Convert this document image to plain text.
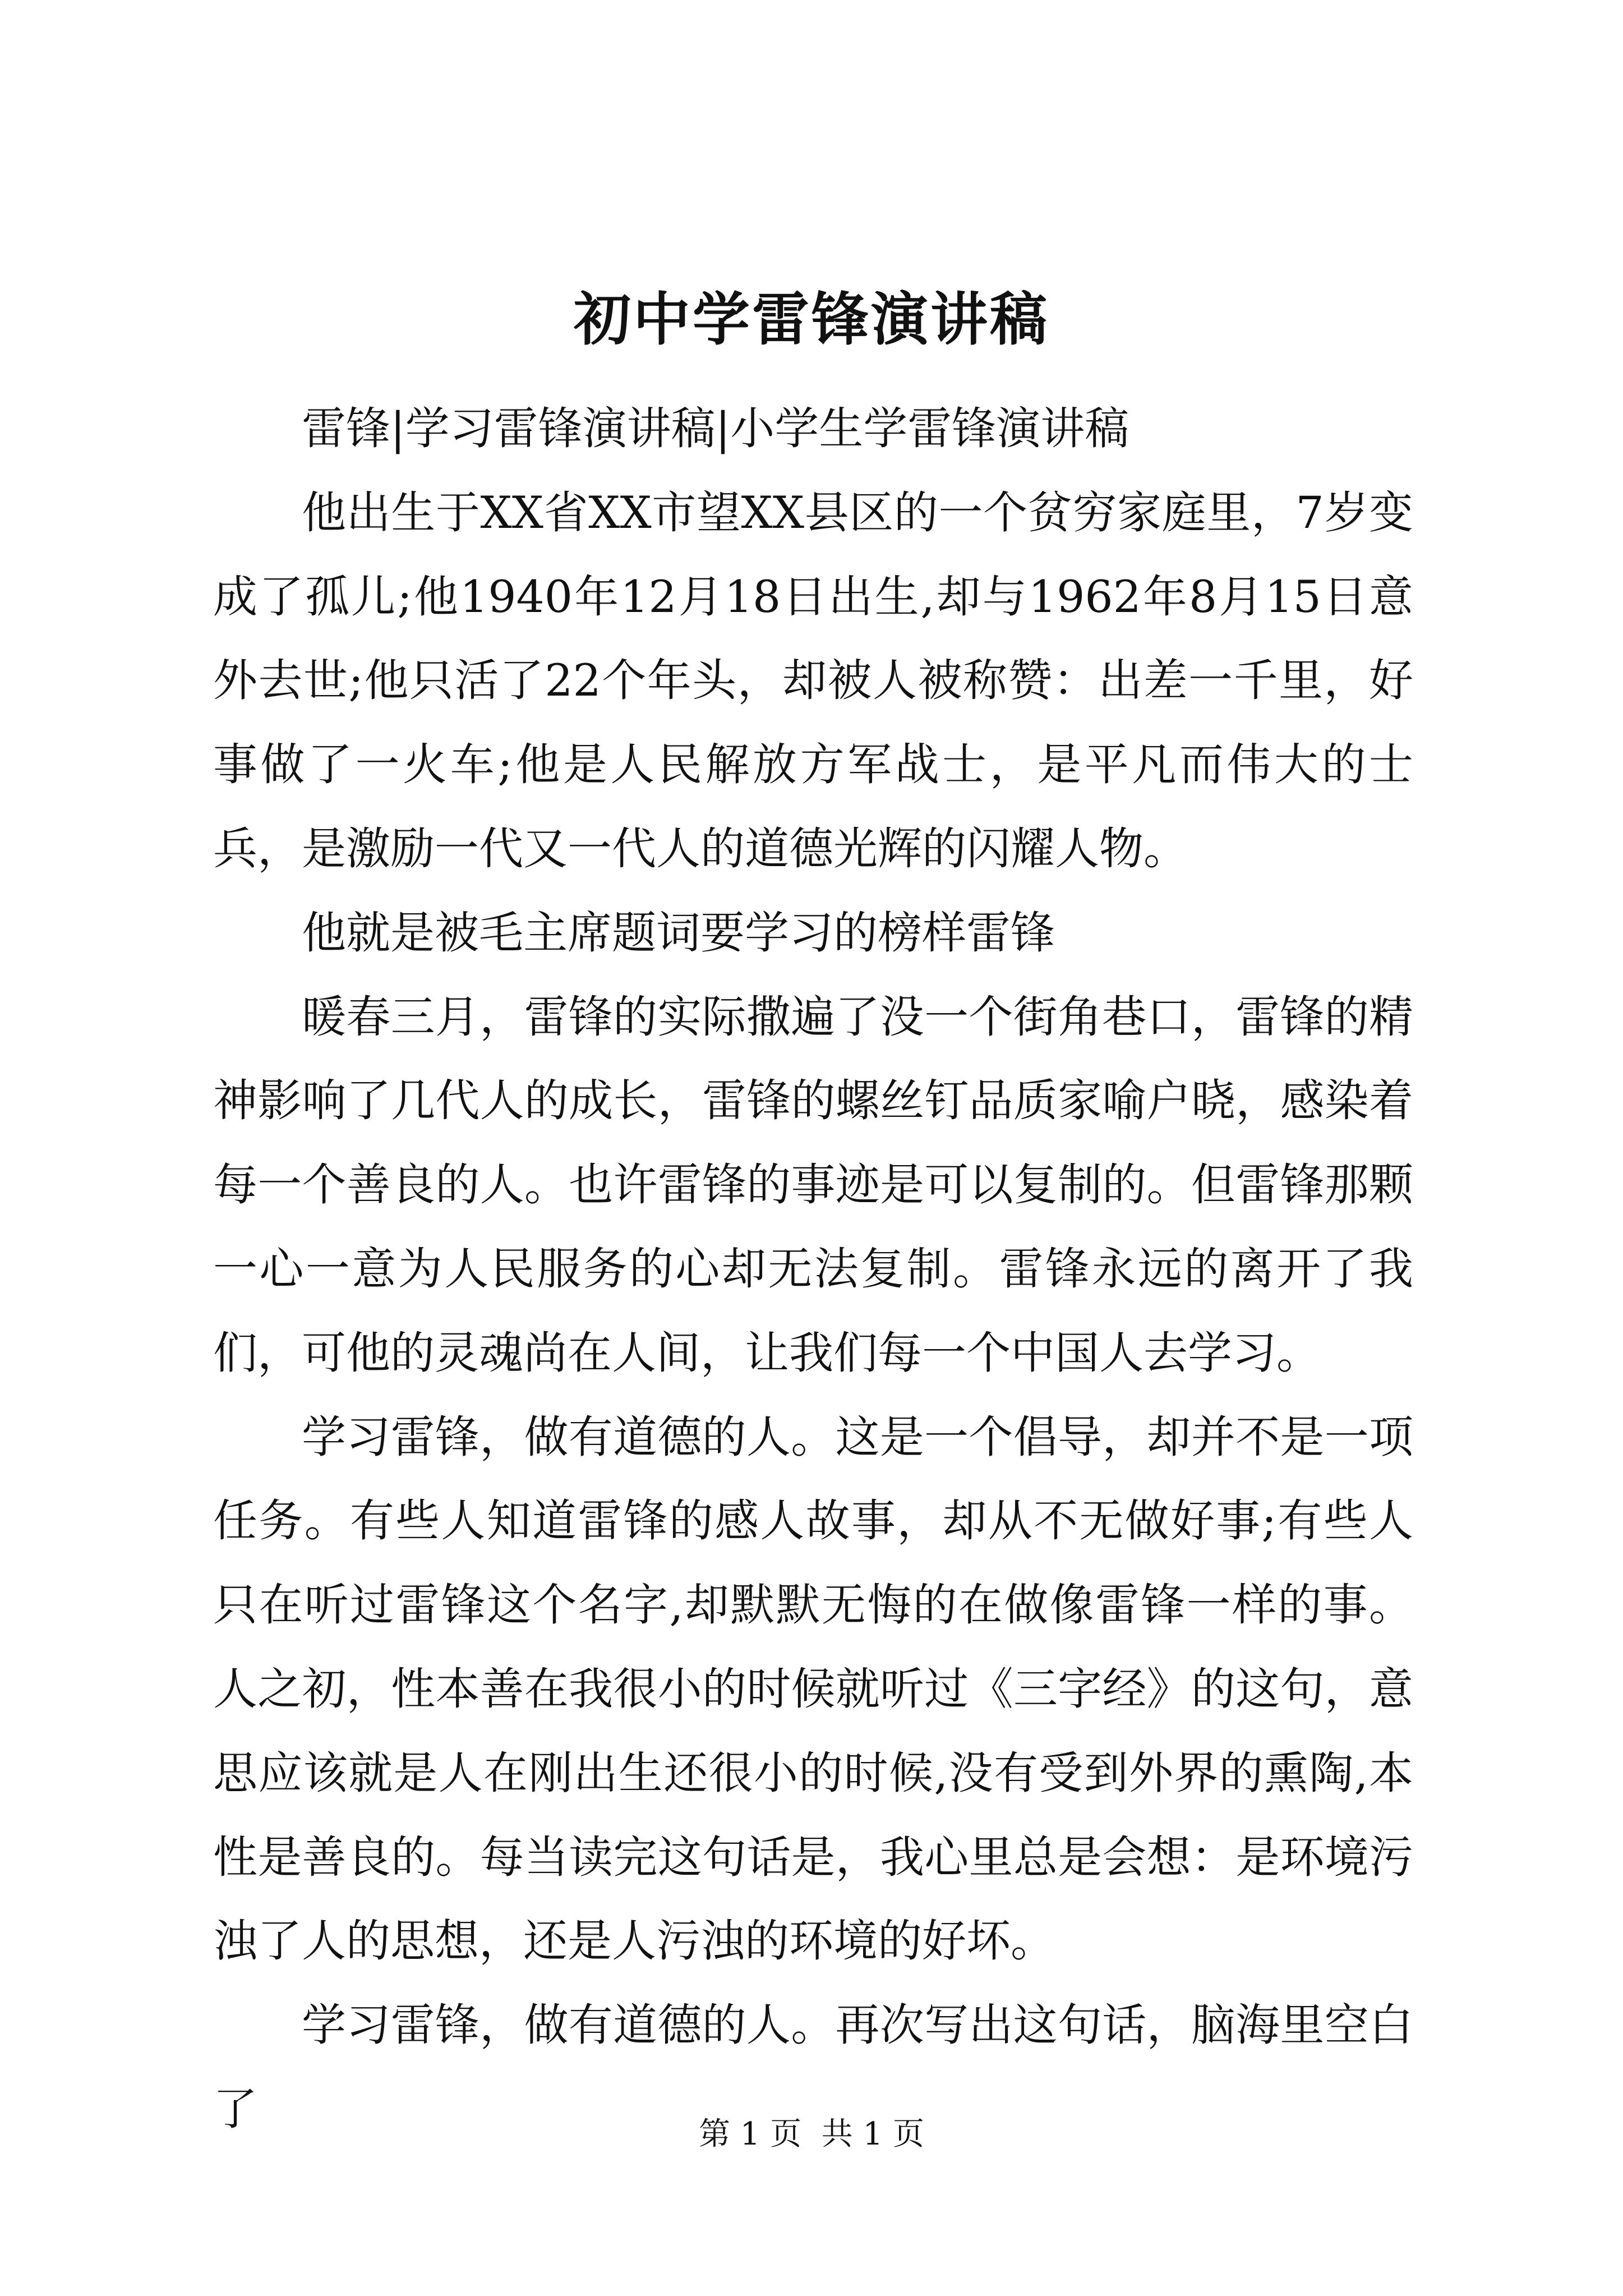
初中学雷锋演讲稿

雷锋|学习雷锋演讲稿|小学生学雷锋演讲稿

他出生于XX省XX市望XX县区的一个贫穷家庭里，7岁变成了孤儿;他1940年12月18日出生,却与1962年8月15日意外去世;他只活了22个年头，却被人被称赞：出差一千里，好事做了一火车;他是人民解放方军战士，是平凡而伟大的士兵，是激励一代又一代人的道德光辉的闪耀人物。

他就是被毛主席题词要学习的榜样雷锋

暖春三月，雷锋的实际撒遍了没一个街角巷口，雷锋的精神影响了几代人的成长，雷锋的螺丝钉品质家喻户晓，感染着每一个善良的人。也许雷锋的事迹是可以复制的。但雷锋那颗一心一意为人民服务的心却无法复制。雷锋永远的离开了我们，可他的灵魂尚在人间，让我们每一个中国人去学习。

学习雷锋，做有道德的人。这是一个倡导，却并不是一项任务。有些人知道雷锋的感人故事，却从不无做好事;有些人只在听过雷锋这个名字,却默默无悔的在做像雷锋一样的事。人之初，性本善在我很小的时候就听过《三字经》的这句，意思应该就是人在刚出生还很小的时候,没有受到外界的熏陶,本性是善良的。每当读完这句话是，我心里总是会想：是环境污浊了人的思想，还是人污浊的环境的好坏。

学习雷锋，做有道德的人。再次写出这句话，脑海里空白了	第 1 页  共 1 页
